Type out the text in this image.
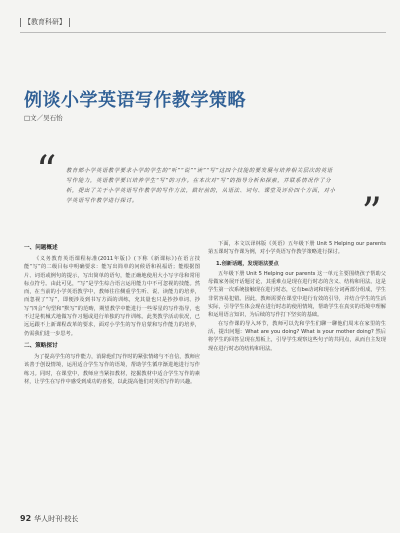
【教育科研】
例谈小学英语写作教学策略
□文／吴石怡
“ 教育部小学英语教学要求小学的学生的“听”“说”“读”“写”这四个技能的要发展与培养相关层次的英语写作能力，英语教学要以培养学生“写”的习作。在本次对“写”的指导分析和探索，并联系情况作了分析，提出了关于小学英语写作教学的写作方法，做好前的，从语法、词句、课堂及评价四个方面，对小学英语写作教学进行探讨。	”
一、问题概述

《义务教育英语课程标准(2011年版)》(下称《新课标》)在语言技能“写”的二级目标中明确要求：能写出简单的问候语和祝福语；能根据图片、词语或例句的提示，写出简单的语句，能正确地使用大小写字母和常用标点符号。由此可见，“写”是学生综合语言运用能力中不可忽视的技能。然而，在当前的小学英语教学中，教师往往侧重学生听、说、读能力的培养，而忽视了“写”，即便涉及到书写方面的训练，充其量也只是抄抄单词、抄写“四会”句型和“默写”的范畴，期望教学中能进行一些零星的写作指导，也不过是机械式地做写作习题或进行单独的写作训练。此类教学活动状况，已远远跟不上新课程改革的要求，面对小学生的写作启蒙和写作能力的培养，仍需我们进一步思考。

二、策略探讨

为了提高学生的写作能力，消除他们写作时的紧张情绪与不自信，教师应该善于创设情境，运用适合学生写作的语境，帮助学生循序渐进地进行写作练习。同时，在课堂中，教师应当紧扣教材，挖掘教材中适合学生写作的素材，让学生在写作中感受到成功的喜悦，以此提高他们对英语写作的兴趣。

下面，本文以译林版《英语》五年级下册 Unit 5 Helping our parents 第五课时写作课为例，对小学英语写作教学策略进行探讨。

1.创新话题，发现语法要点

五年级下册 Unit 5 Helping our parents 这一单元主要围绕孩子帮助父母做家务展开话题讨论，其重难点是现在进行时态的含义、结构和用法。这是学生第一次系统接触现在进行时态，它有be动词和现在分词两部分组成，学生非常容易犯错。因此，教师需要在课堂中进行有效的引导，并结合学生的生活实际，引导学生体会现在进行时态的使用情境，帮助学生在真实的语境中理解和运用语言知识，为后续的写作打下坚实的基础。

在写作课的导入环节，教师可以先和学生们聊一聊他们周末在家里的生活，提出问题：What are you doing? What is your mother doing? 然后将学生的回答呈现在黑板上，引导学生观察这些句子的共同点，从而自主发现现在进行时态的结构和用法。

92 华人时刊·校长
